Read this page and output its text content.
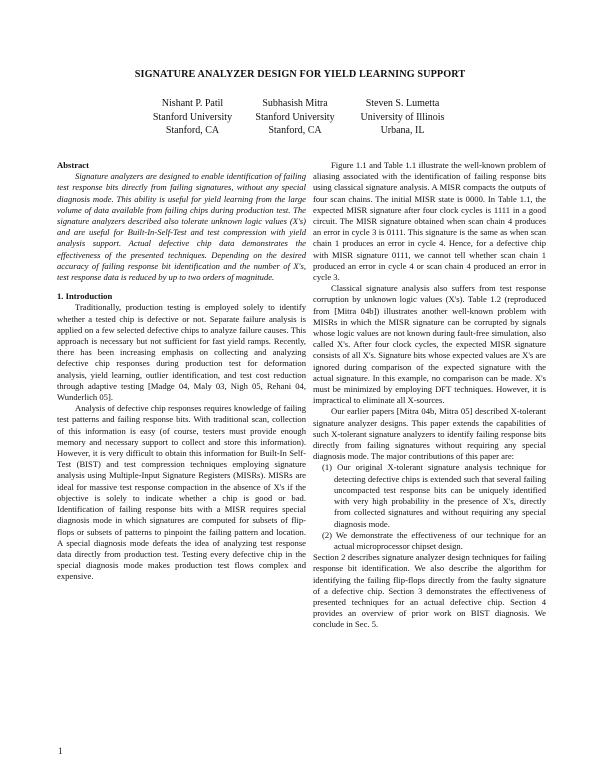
SIGNATURE ANALYZER DESIGN FOR YIELD LEARNING SUPPORT
Nishant P. Patil
Stanford University
Stanford, CA
Subhasish Mitra
Stanford University
Stanford, CA
Steven S. Lumetta
University of Illinois
Urbana, IL

Abstract

Signature analyzers are designed to enable identification of failing test response bits directly from failing signatures, without any special diagnosis mode. This ability is useful for yield learning from the large volume of data available from failing chips during production test. The signature analyzers described also tolerate unknown logic values (X's) and are useful for Built-In-Self-Test and test compression with yield analysis support. Actual defective chip data demonstrates the effectiveness of the presented techniques. Depending on the desired accuracy of failing response bit identification and the number of X's, test response data is reduced by up to two orders of magnitude.

1. Introduction

Traditionally, production testing is employed solely to identify whether a tested chip is defective or not. Separate failure analysis is applied on a few selected defective chips to analyze failure causes. This approach is necessary but not sufficient for fast yield ramps. Recently, there has been increasing emphasis on collecting and analyzing defective chip responses during production test for deformation analysis, yield learning, outlier identification, and test cost reduction through adaptive testing [Madge 04, Maly 03, Nigh 05, Rehani 04, Wunderlich 05].

Analysis of defective chip responses requires knowledge of failing test patterns and failing response bits. With traditional scan, collection of this information is easy (of course, testers must provide enough memory and necessary support to collect and store this information). However, it is very difficult to obtain this information for Built-In Self-Test (BIST) and test compression techniques employing signature analysis using Multiple-Input Signature Registers (MISRs). MISRs are ideal for massive test response compaction in the absence of X's if the objective is solely to indicate whether a chip is good or bad. Identification of failing response bits with a MISR requires special diagnosis mode in which signatures are computed for subsets of flip-flops or subsets of patterns to pinpoint the failing pattern and location. A special diagnosis mode defeats the idea of analyzing test response data directly from production test. Testing every defective chip in the special diagnosis mode makes production test flows complex and expensive.

Figure 1.1 and Table 1.1 illustrate the well-known problem of aliasing associated with the identification of failing response bits using classical signature analysis. A MISR compacts the outputs of four scan chains. The initial MISR state is 0000. In Table 1.1, the expected MISR signature after four clock cycles is 1111 in a good circuit. The MISR signature obtained when scan chain 4 produces an error in cycle 3 is 0111. This signature is the same as when scan chain 1 produces an error in cycle 4. Hence, for a defective chip with MISR signature 0111, we cannot tell whether scan chain 1 produced an error in cycle 4 or scan chain 4 produced an error in cycle 3.

Classical signature analysis also suffers from test response corruption by unknown logic values (X's). Table 1.2 (reproduced from [Mitra 04b]) illustrates another well-known problem with MISRs in which the MISR signature can be corrupted by signals whose logic values are not known during fault-free simulation, also called X's. After four clock cycles, the expected MISR signature consists of all X's. Signature bits whose expected values are X's are ignored during comparison of the expected signature with the actual signature. In this example, no comparison can be made. X's must be minimized by employing DFT techniques. However, it is impractical to eliminate all X-sources.

Our earlier papers [Mitra 04b, Mitra 05] described X-tolerant signature analyzer designs. This paper extends the capabilities of such X-tolerant signature analyzers to identify failing response bits directly from failing signatures without requiring any special diagnosis mode. The major contributions of this paper are:

(1) Our original X-tolerant signature analysis technique for detecting defective chips is extended such that several failing uncompacted test response bits can be uniquely identified with very high probability in the presence of X's, directly from collected signatures and without requiring any special diagnosis mode.

(2) We demonstrate the effectiveness of our technique for an actual microprocessor chipset design.

Section 2 describes signature analyzer design techniques for failing response bit identification. We also describe the algorithm for identifying the failing flip-flops directly from the faulty signature of a defective chip. Section 3 demonstrates the effectiveness of presented techniques for an actual defective chip. Section 4 provides an overview of prior work on BIST diagnosis. We conclude in Sec. 5.

1
